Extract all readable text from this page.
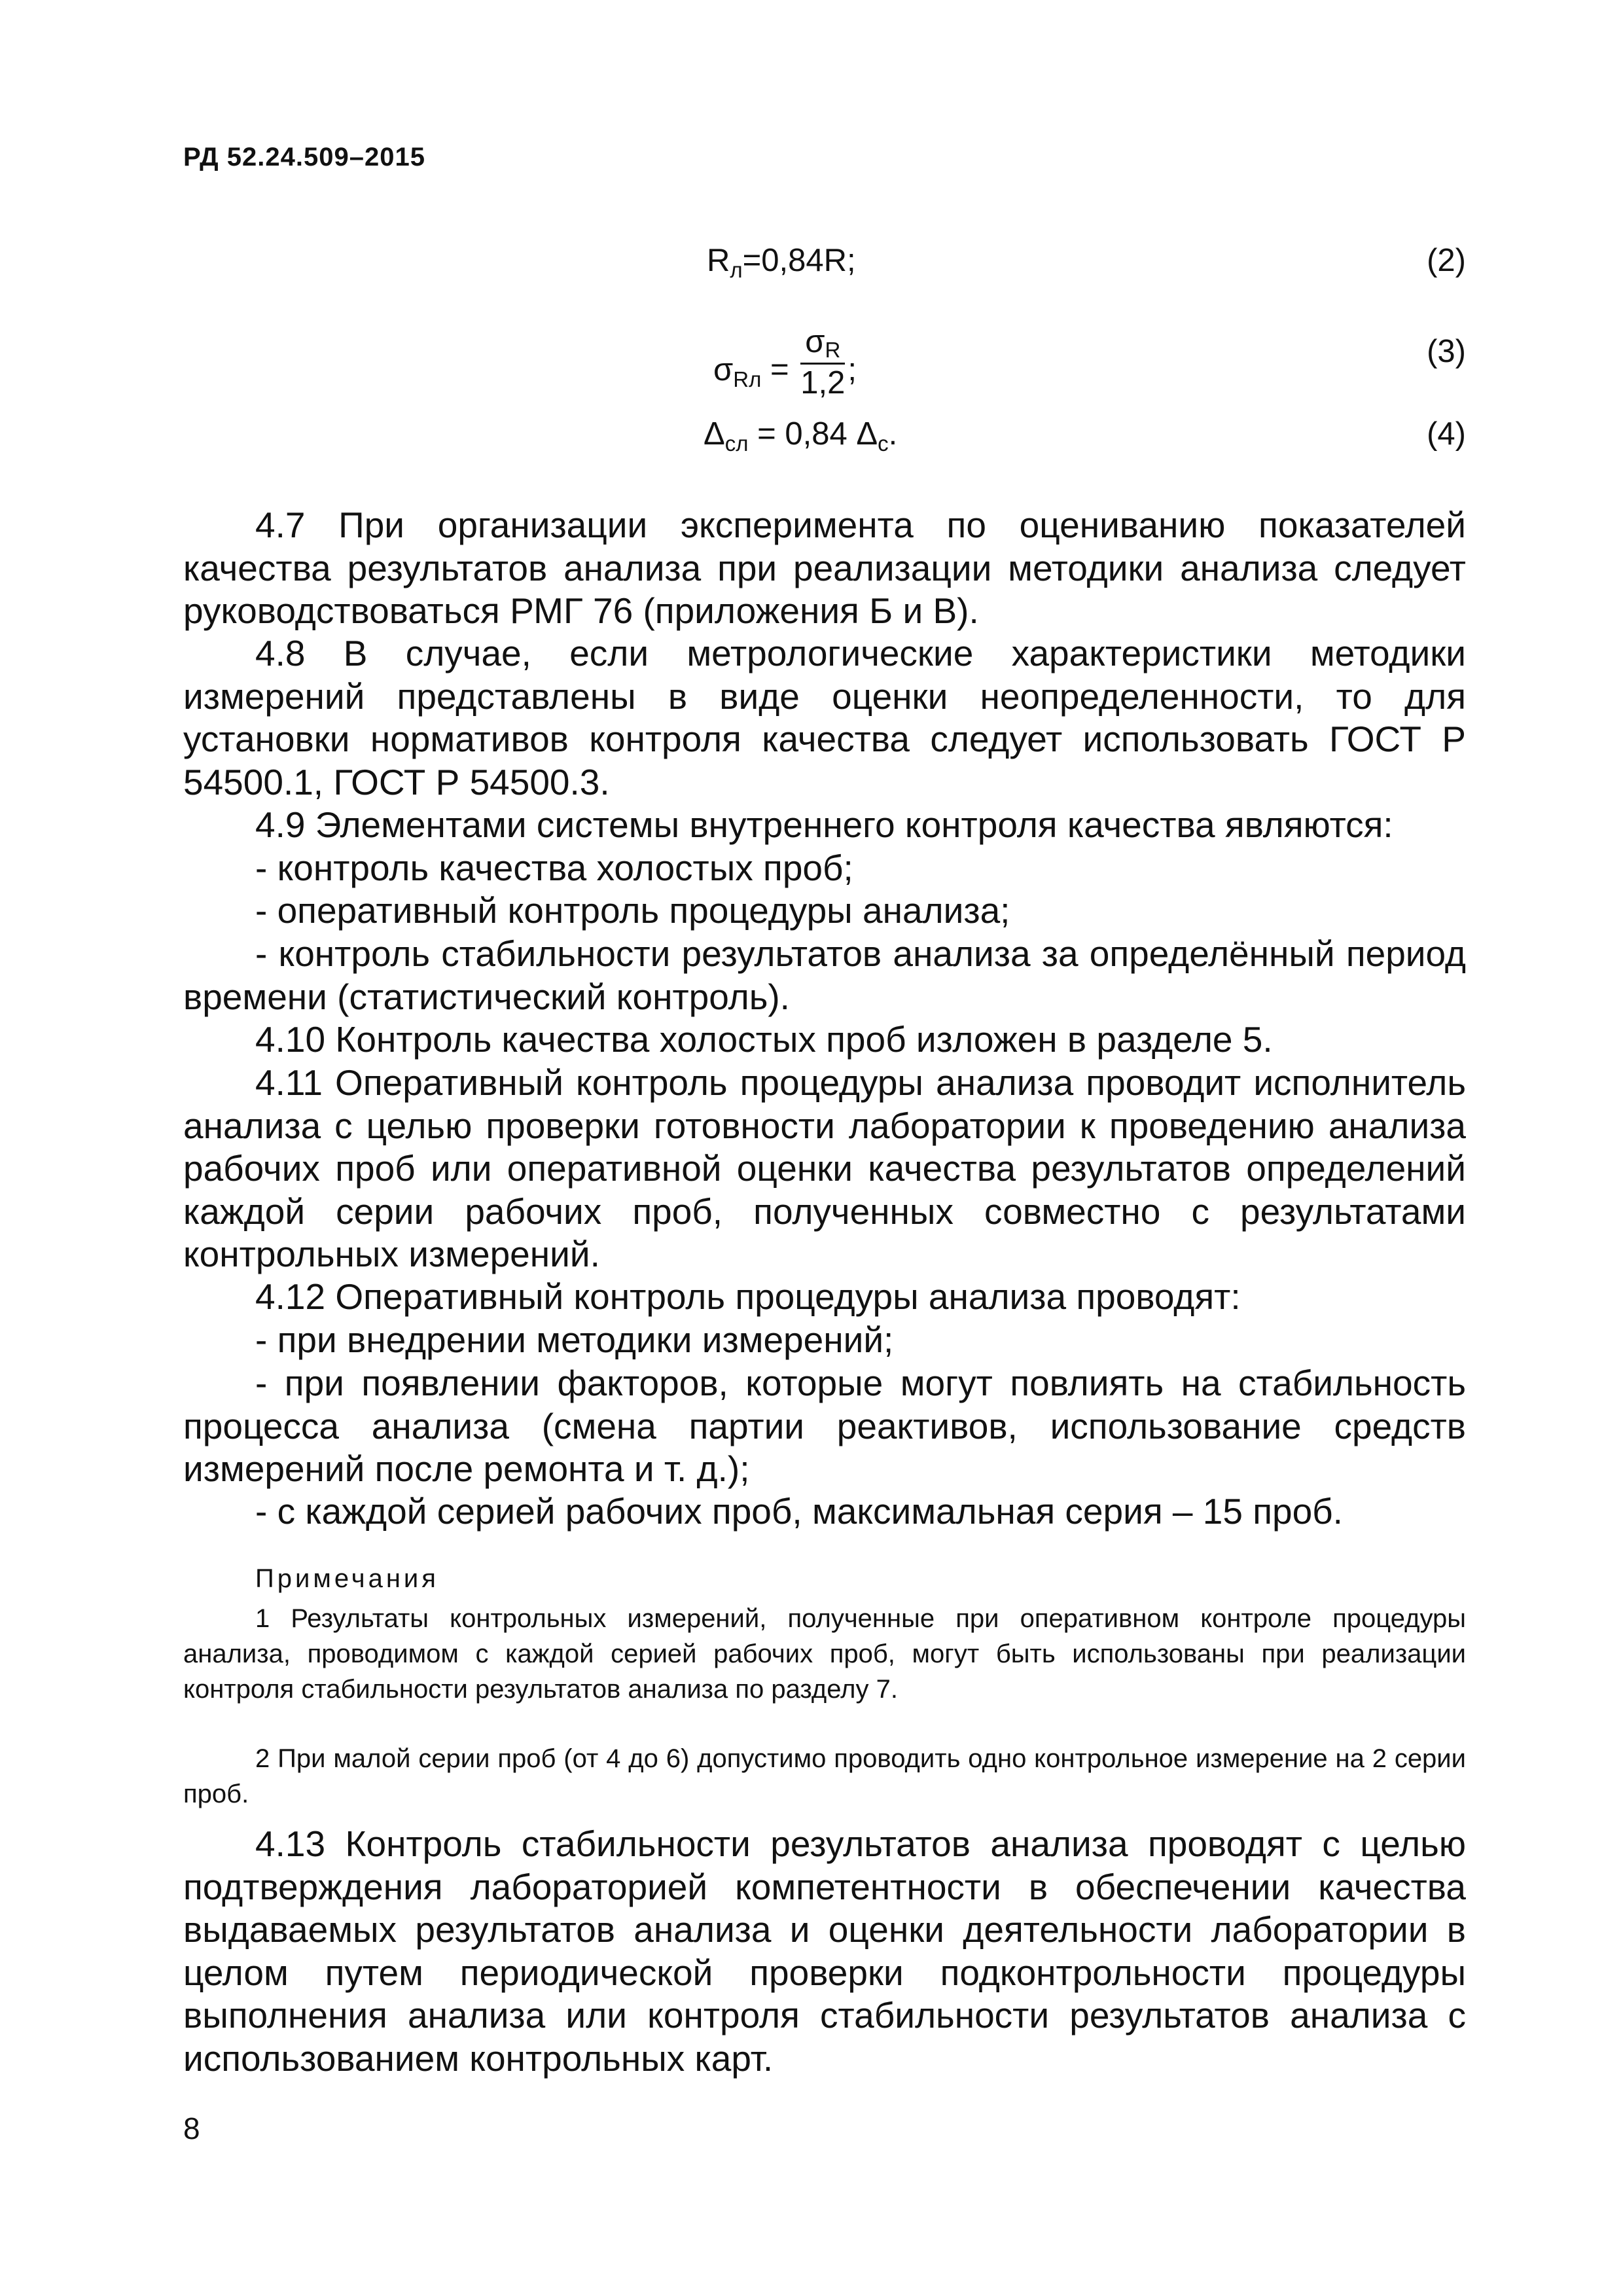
РД 52.24.509–2015
$R_л=0,84R$;	(2)
$\sigma_{Rл} = \frac{\sigma R}{1,2}$ ;
(3)
$\Delta_{сл} = 0,84$ $\Delta_с$.	(4)

4.7 При организации эксперимента по оцениванию показателей качества результатов анализа при реализации методики анализа следует руководствоваться РМГ 76 (приложения Б и В).

4.8 В случае, если метрологические характеристики методики измерений представлены в виде оценки неопределенности, то для установки нормативов контроля качества следует использовать ГОСТ Р 54500.1, ГОСТ Р 54500.3.

4.9 Элементами системы внутреннего контроля качества являются:

- контроль качества холостых проб;

- оперативный контроль процедуры анализа;

- контроль стабильности результатов анализа за определённый период времени (статистический контроль).

4.10 Контроль качества холостых проб изложен в разделе 5.

4.11 Оперативный контроль процедуры анализа проводит исполнитель анализа с целью проверки готовности лаборатории к проведению анализа рабочих проб или оперативной оценки качества результатов определений каждой серии рабочих проб, полученных совместно с результатами контрольных измерений.

4.12 Оперативный контроль процедуры анализа проводят:

- при внедрении методики измерений;

- при появлении факторов, которые могут повлиять на стабильность процесса анализа (смена партии реактивов, использование средств измерений после ремонта и т. д.);

- с каждой серией рабочих проб, максимальная серия – 15 проб.

Примечания

1 Результаты контрольных измерений, полученные при оперативном контроле процедуры анализа, проводимом с каждой серией рабочих проб, могут быть использованы при реализации контроля стабильности результатов анализа по разделу 7.

2 При малой серии проб (от 4 до 6) допустимо проводить одно контрольное измерение на 2 серии проб.

4.13 Контроль стабильности результатов анализа проводят с целью подтверждения лабораторией компетентности в обеспечении качества выдаваемых результатов анализа и оценки деятельности лаборатории в целом путем периодической проверки подконтрольности процедуры выполнения анализа или контроля стабильности результатов анализа с использованием контрольных карт.

8
